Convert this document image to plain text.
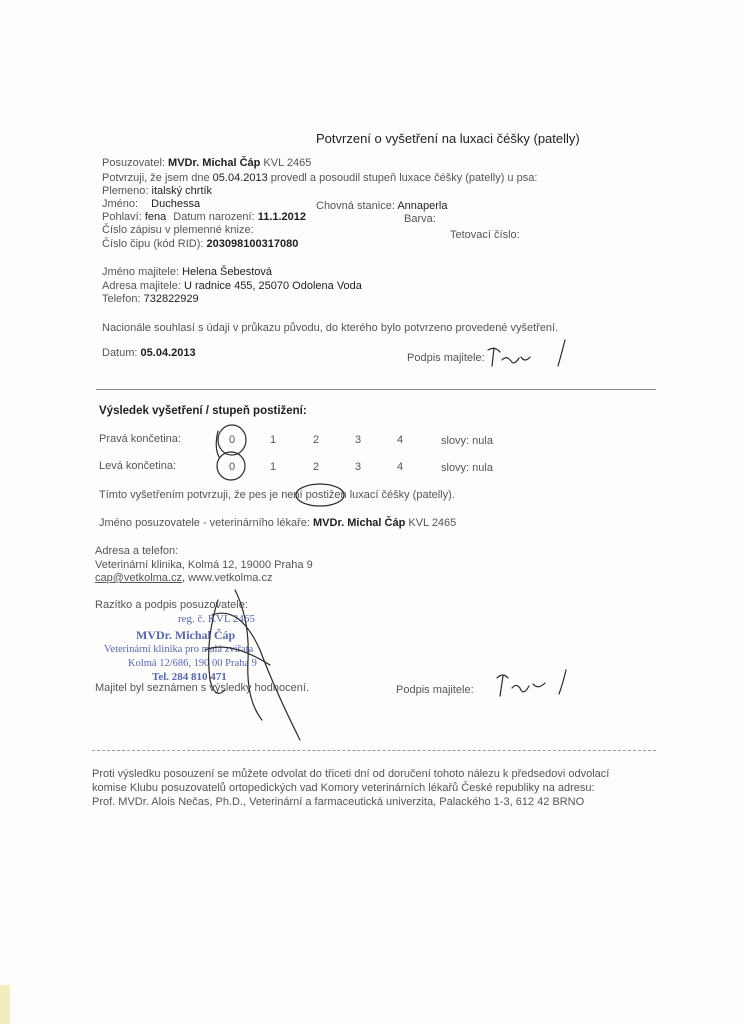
Potvrzení o vyšetření na luxaci čéšky (patelly)
Posuzovatel: MVDr. Michal Čáp KVL 2465
Potvrzuji, že jsem dne 05.04.2013 provedl a posoudil stupeň luxace čéšky (patelly) u psa:
Plemeno: italský chrtík
Jméno: Duchessa	Chovná stanice: Annaperla
Pohlaví: fena Datum narození: 11.1.2012	Barva:
Číslo zápisu v plemenné knize:	Tetovací číslo:
Číslo čipu (kód RID): 203098100317080
Jméno majitele: Helena Šebestová
Adresa majitele: U radnice 455, 25070 Odolena Voda
Telefon: 732822929
Nacionále souhlasí s údaji v průkazu původu, do kterého bylo potvrzeno provedené vyšetření.
Datum: 05.04.2013	Podpis majitele:
Výsledek vyšetření / stupeň postižení:
Pravá končetina:	0	1	2	3	4	slovy: nula
Levá končetina:	0	1	2	3	4	slovy: nula
Tímto vyšetřením potvrzuji, že pes je není postižen luxací čéšky (patelly).
Jméno posuzovatele - veterinárního lékaře: MVDr. Michal Čáp KVL 2465
Adresa a telefon:
Veterinární klinika, Kolmá 12, 19000 Praha 9
cap@vetkolma.cz, www.vetkolma.cz
Razítko a podpis posuzovatele:
reg. č. KVL 2465
MVDr. Michal Čáp
Veterinární klinika pro malá zvířata
Kolmá 12/686, 190 00 Praha 9
Tel. 284 810 471
Majitel byl seznámen s výsledky hodnocení.	Podpis majitele:
Proti výsledku posouzení se můžete odvolat do třiceti dní od doručení tohoto nálezu k předsedovi odvolací
komise Klubu posuzovatelů ortopedických vad Komory veterinárních lékařů České republiky na adresu:
Prof. MVDr. Alois Nečas, Ph.D., Veterinární a farmaceutická univerzita, Palackého 1-3, 612 42 BRNO
